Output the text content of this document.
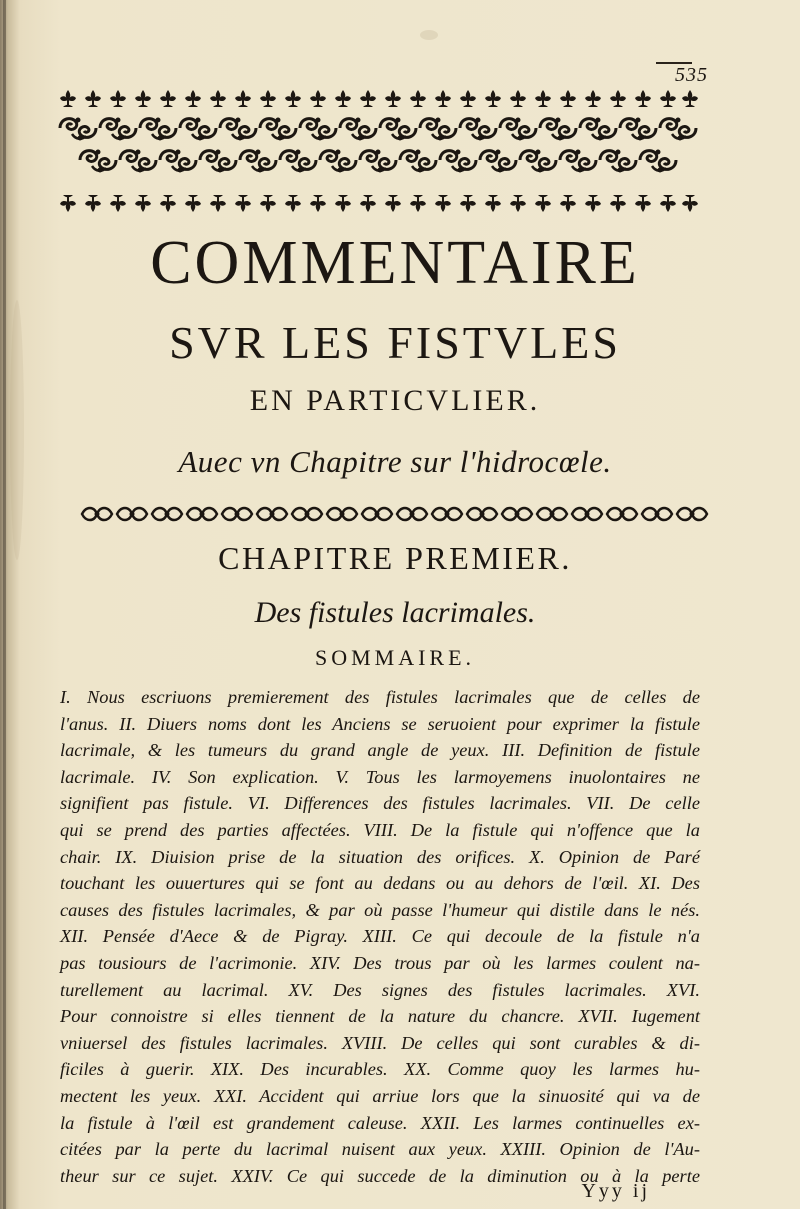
535
COMMENTAIRE
SVR LES FISTVLES
EN PARTICVLIER.
Auec vn Chapitre sur l'hidrocœle.
CHAPITRE PREMIER.
Des fistules lacrimales.
SOMMAIRE.
I. Nous escriuons premierement des fistules lacrimales que de celles de
l'anus. II. Diuers noms dont les Anciens se seruoient pour exprimer la fistule
lacrimale, & les tumeurs du grand angle de yeux. III. Definition de fistule
lacrimale. IV. Son explication. V. Tous les larmoyemens inuolontaires ne
signifient pas fistule. VI. Differences des fistules lacrimales. VII. De celle
qui se prend des parties affectées. VIII. De la fistule qui n'offence que la
chair. IX. Diuision prise de la situation des orifices. X. Opinion de Paré
touchant les ouuertures qui se font au dedans ou au dehors de l'œil. XI. Des
causes des fistules lacrimales, & par où passe l'humeur qui distile dans le nés.
XII. Pensée d'Aece & de Pigray. XIII. Ce qui decoule de la fistule n'a
pas tousiours de l'acrimonie. XIV. Des trous par où les larmes coulent na-
turellement au lacrimal. XV. Des signes des fistules lacrimales. XVI.
Pour connoistre si elles tiennent de la nature du chancre. XVII. Iugement
vniuersel des fistules lacrimales. XVIII. De celles qui sont curables & di-
ficiles à guerir. XIX. Des incurables. XX. Comme quoy les larmes hu-
mectent les yeux. XXI. Accident qui arriue lors que la sinuosité qui va de
la fistule à l'œil est grandement caleuse. XXII. Les larmes continuelles ex-
citées par la perte du lacrimal nuisent aux yeux. XXIII. Opinion de l'Au-
theur sur ce sujet. XXIV. Ce qui succede de la diminution ou à la perte
Yyy ij
